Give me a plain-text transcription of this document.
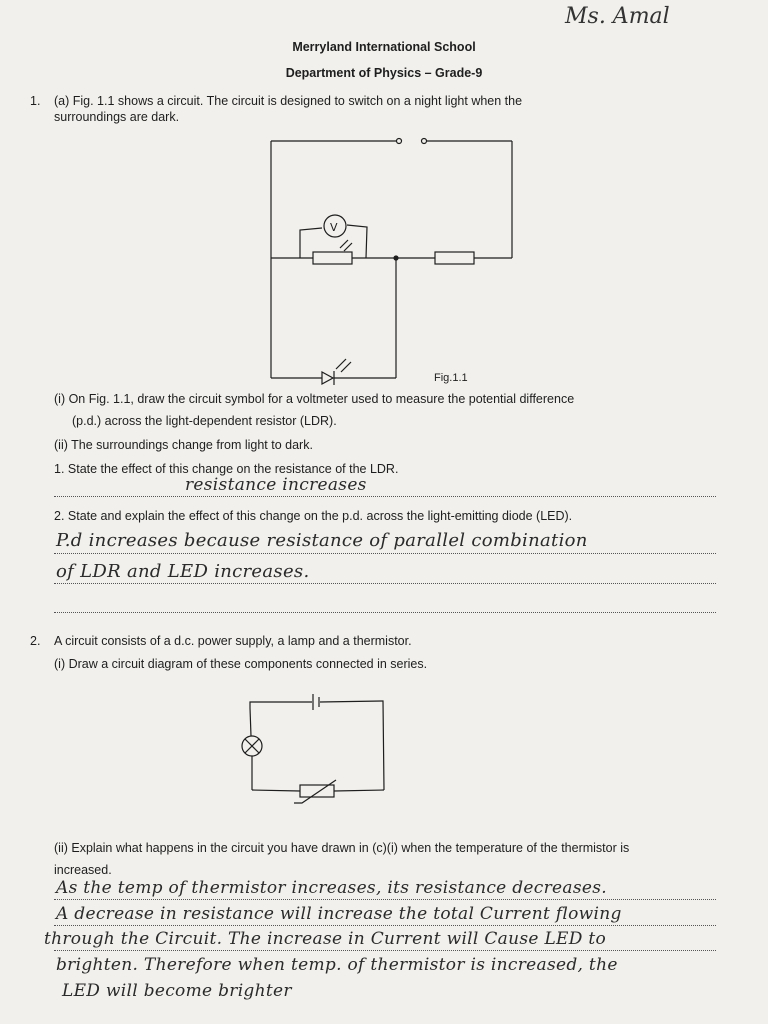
Ms. Amal
Merryland International School
Department of Physics – Grade-9
1. (a) Fig. 1.1 shows a circuit. The circuit is designed to switch on a night light when the
surroundings are dark.
V
Fig.1.1
(i) On Fig. 1.1, draw the circuit symbol for a voltmeter used to measure the potential difference
(p.d.) across the light-dependent resistor (LDR).
(ii) The surroundings change from light to dark.
1. State the effect of this change on the resistance of the LDR.
resistance increases
2. State and explain the effect of this change on the p.d. across the light-emitting diode (LED).
P.d increases because resistance of parallel combination
of LDR and LED increases.
2. A circuit consists of a d.c. power supply, a lamp and a thermistor.
(i) Draw a circuit diagram of these components connected in series.
(ii) Explain what happens in the circuit you have drawn in (c)(i) when the temperature of the thermistor is
increased.
As the temp of thermistor increases, its resistance decreases.
A decrease in resistance will increase the total Current flowing
through the Circuit. The increase in Current will Cause LED to
brighten. Therefore when temp. of thermistor is increased, the
LED will become brighter
